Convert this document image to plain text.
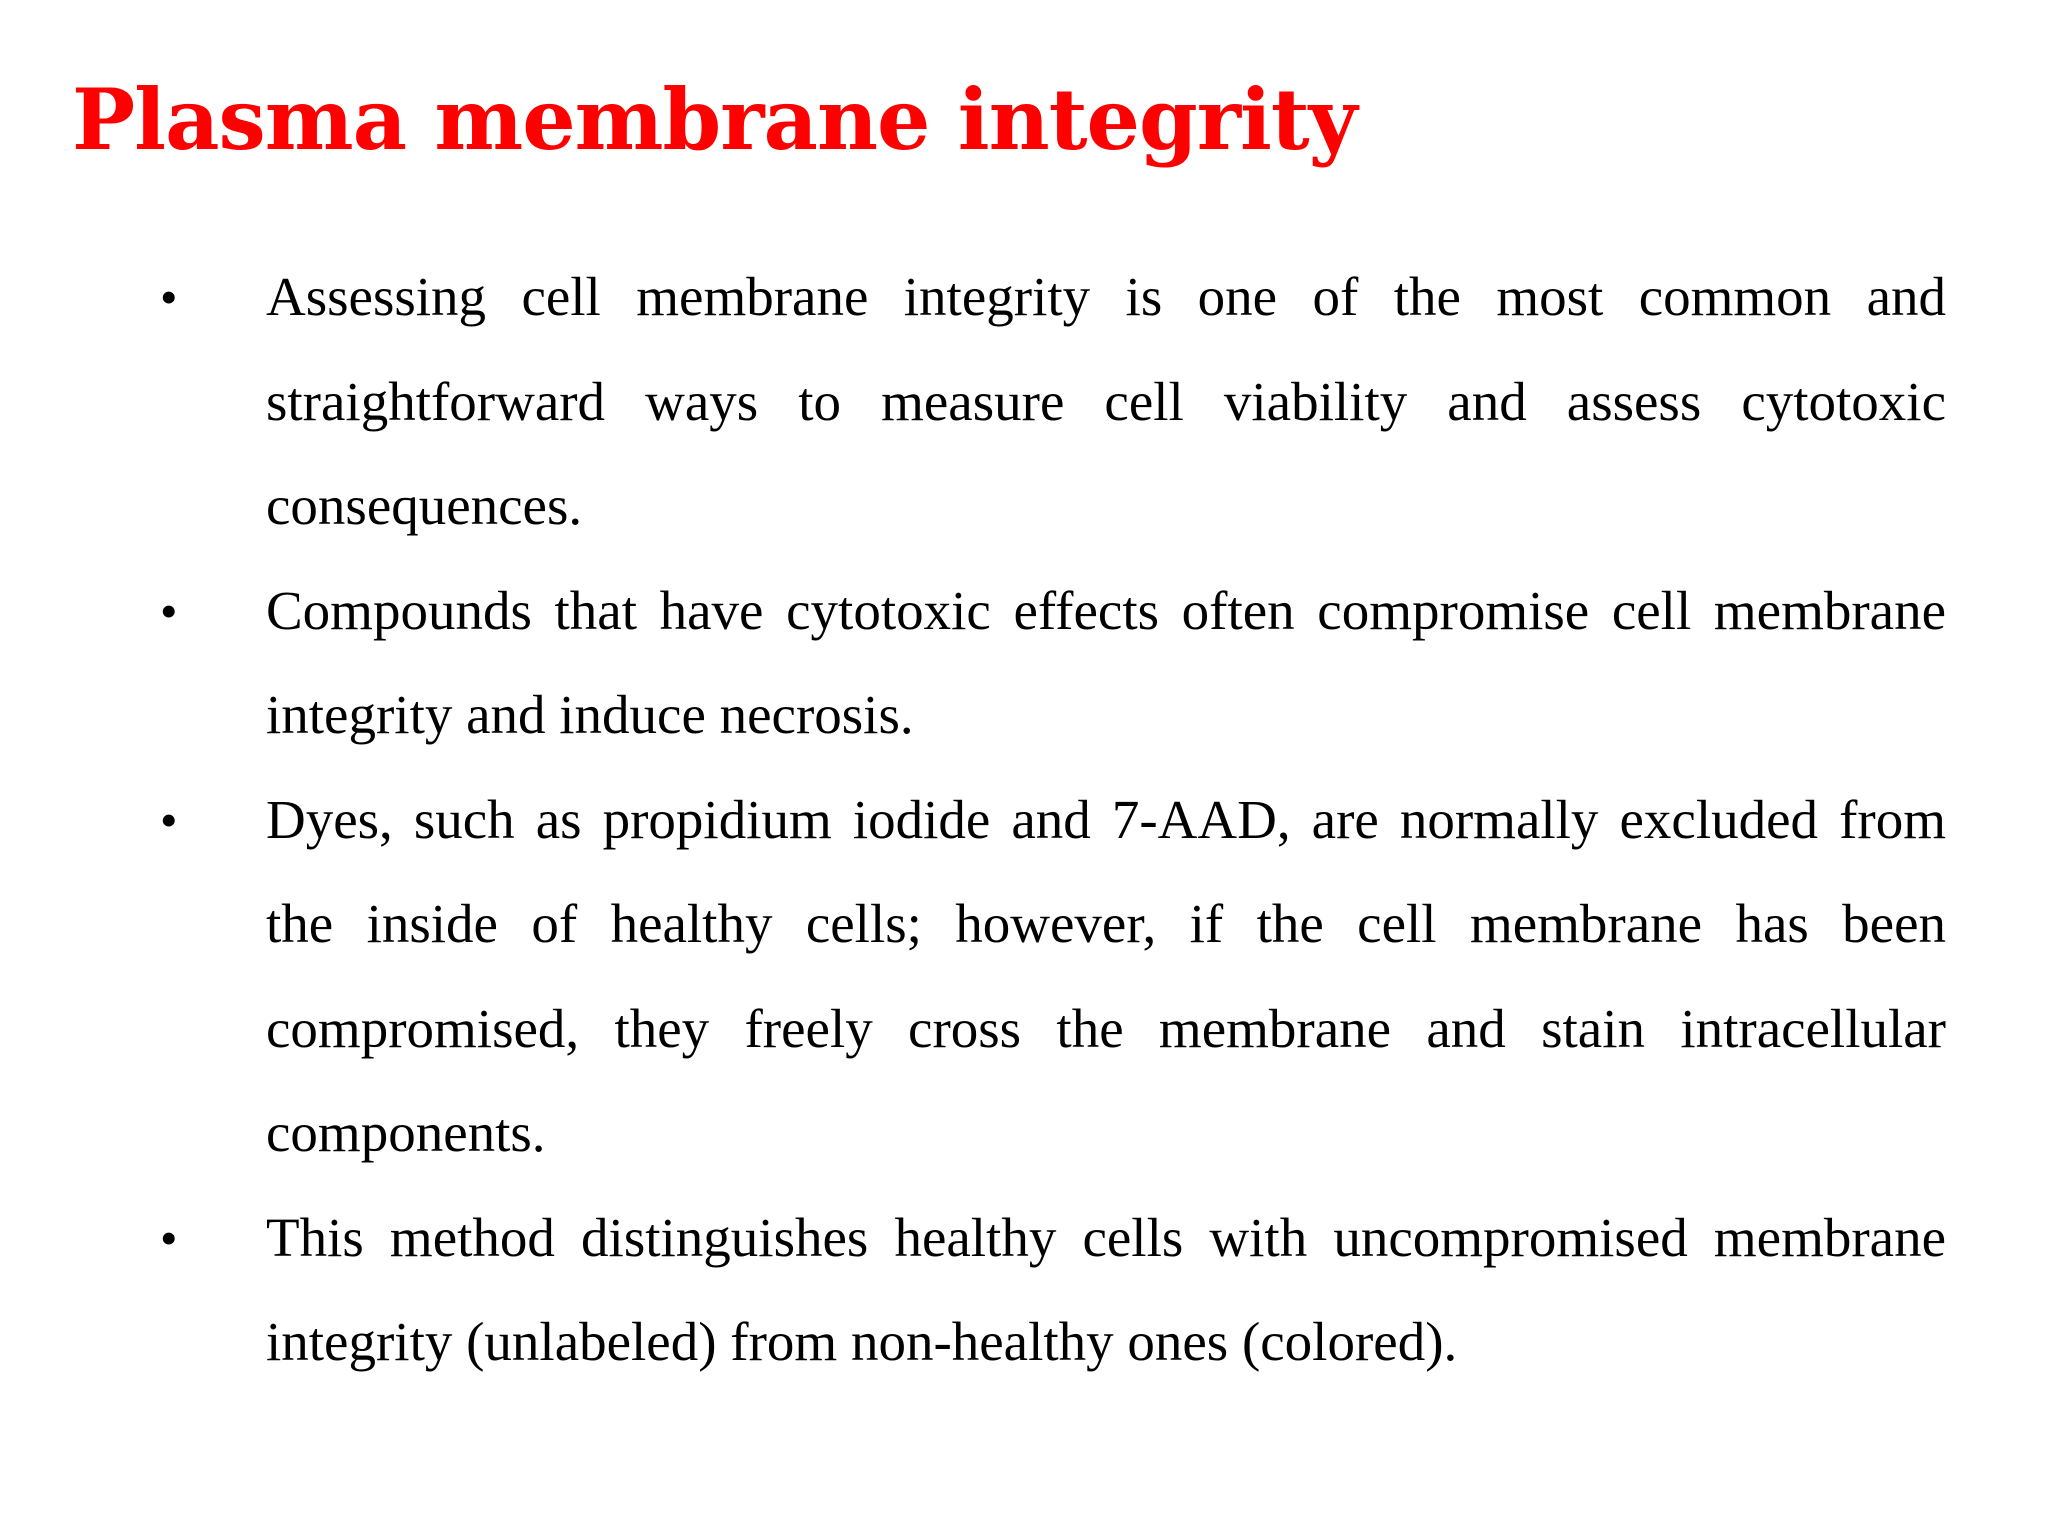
Plasma membrane integrity
• Assessing cell membrane integrity is one of the most common and straightforward ways to measure cell viability and assess cytotoxic consequences.
• Compounds that have cytotoxic effects often compromise cell membrane integrity and induce necrosis.
• Dyes, such as propidium iodide and 7-AAD, are normally excluded from the inside of healthy cells; however, if the cell membrane has been compromised, they freely cross the membrane and stain intracellular components.
• This method distinguishes healthy cells with uncompromised membrane integrity (unlabeled) from non-healthy ones (colored).
